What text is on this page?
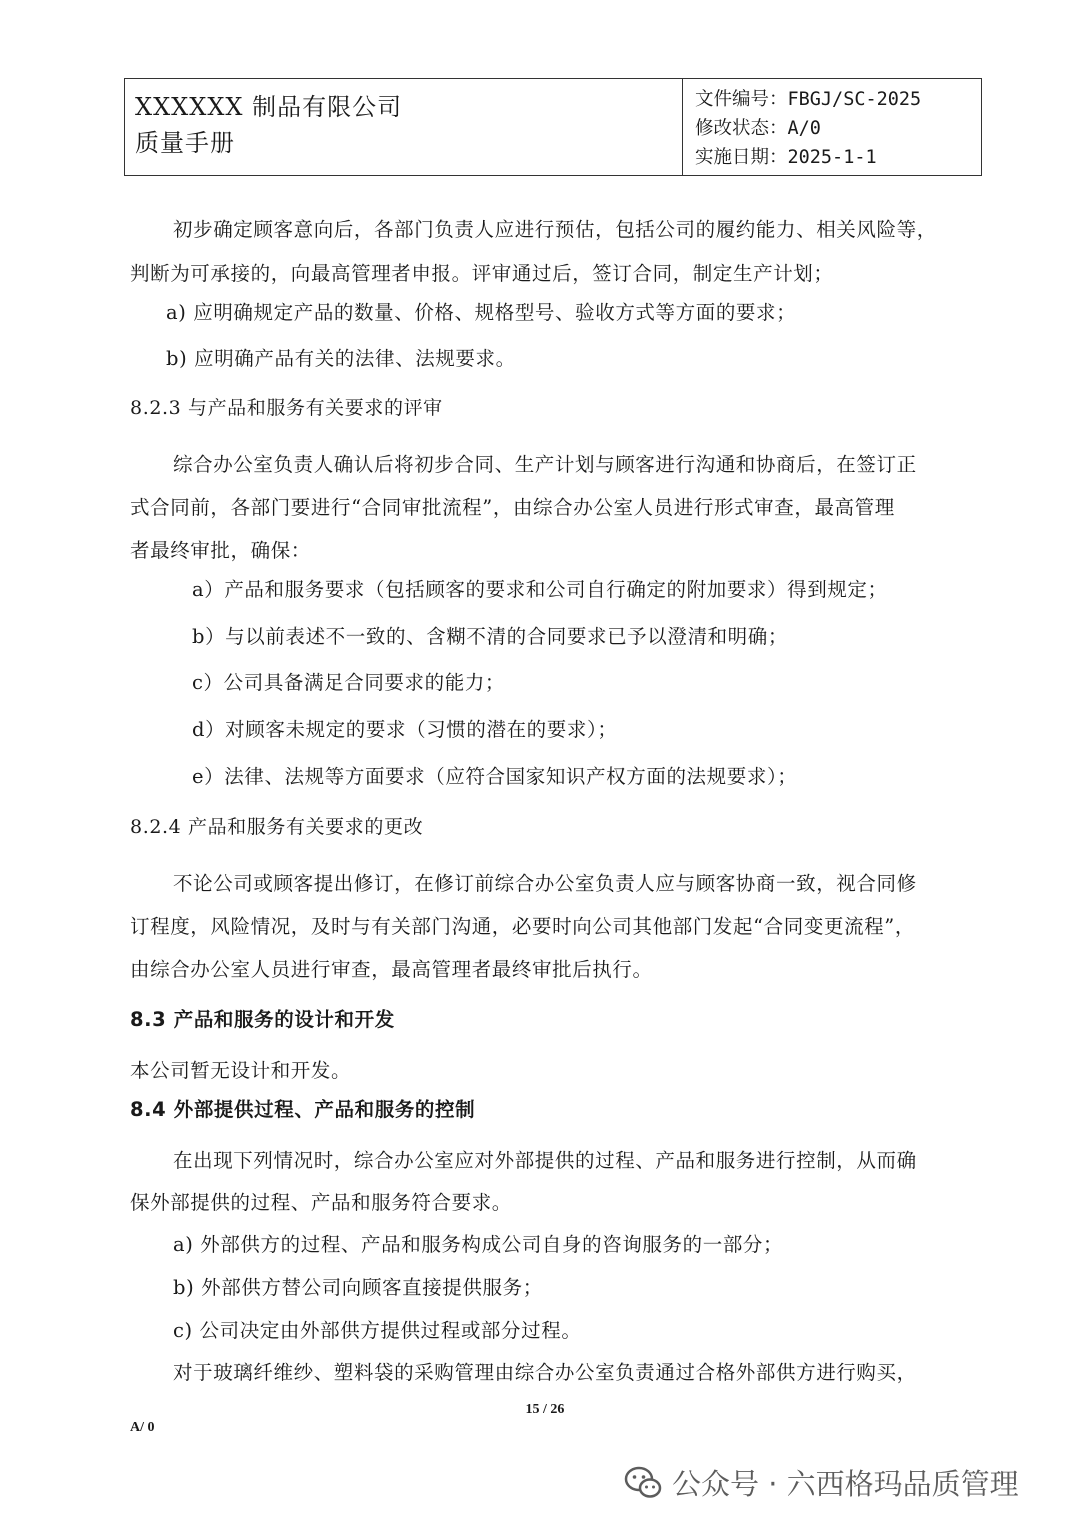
XXXXXX 制品有限公司
质量手册
文件编号：FBGJ/SC-2025
修改状态：A/0
实施日期：2025-1-1
初步确定顾客意向后，各部门负责人应进行预估，包括公司的履约能力、相关风险等，
判断为可承接的，向最高管理者申报。评审通过后，签订合同，制定生产计划；
a) 应明确规定产品的数量、价格、规格型号、验收方式等方面的要求；
b) 应明确产品有关的法律、法规要求。
8.2.3 与产品和服务有关要求的评审
综合办公室负责人确认后将初步合同、生产计划与顾客进行沟通和协商后，在签订正
式合同前，各部门要进行“合同审批流程”，由综合办公室人员进行形式审查，最高管理
者最终审批，确保：
a）产品和服务要求（包括顾客的要求和公司自行确定的附加要求）得到规定；
b）与以前表述不一致的、含糊不清的合同要求已予以澄清和明确；
c）公司具备满足合同要求的能力；
d）对顾客未规定的要求（习惯的潜在的要求）；
e）法律、法规等方面要求（应符合国家知识产权方面的法规要求）；
8.2.4 产品和服务有关要求的更改
不论公司或顾客提出修订，在修订前综合办公室负责人应与顾客协商一致，视合同修
订程度，风险情况，及时与有关部门沟通，必要时向公司其他部门发起“合同变更流程”，
由综合办公室人员进行审查，最高管理者最终审批后执行。
8.3 产品和服务的设计和开发
本公司暂无设计和开发。
8.4 外部提供过程、产品和服务的控制
在出现下列情况时，综合办公室应对外部提供的过程、产品和服务进行控制，从而确
保外部提供的过程、产品和服务符合要求。
a) 外部供方的过程、产品和服务构成公司自身的咨询服务的一部分；
b) 外部供方替公司向顾客直接提供服务；
c) 公司决定由外部供方提供过程或部分过程。
对于玻璃纤维纱、塑料袋的采购管理由综合办公室负责通过合格外部供方进行购买，
15 / 26
A/ 0
公众号 · 六西格玛品质管理
